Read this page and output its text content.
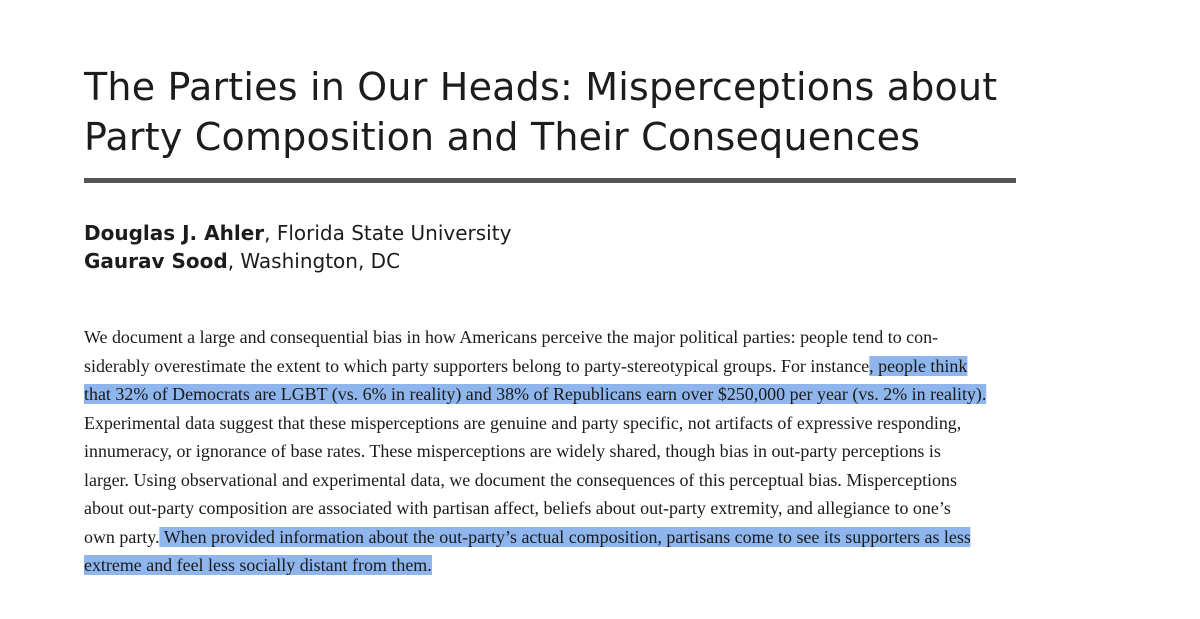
The Parties in Our Heads: Misperceptions about
Party Composition and Their Consequences
Douglas J. Ahler, Florida State University
Gaurav Sood, Washington, DC
We document a large and consequential bias in how Americans perceive the major political parties: people tend to con-
siderably overestimate the extent to which party supporters belong to party-stereotypical groups. For instance, people think
that 32% of Democrats are LGBT (vs. 6% in reality) and 38% of Republicans earn over $250,000 per year (vs. 2% in reality).
Experimental data suggest that these misperceptions are genuine and party specific, not artifacts of expressive responding,
innumeracy, or ignorance of base rates. These misperceptions are widely shared, though bias in out-party perceptions is
larger. Using observational and experimental data, we document the consequences of this perceptual bias. Misperceptions
about out-party composition are associated with partisan affect, beliefs about out-party extremity, and allegiance to one’s
own party. When provided information about the out-party’s actual composition, partisans come to see its supporters as less
extreme and feel less socially distant from them.
